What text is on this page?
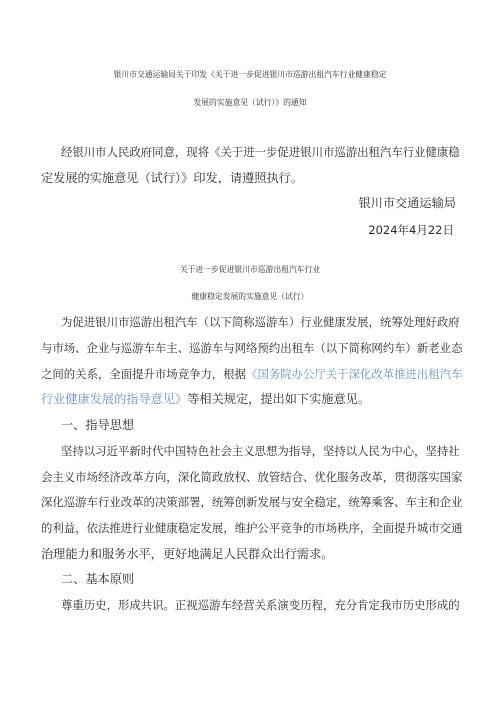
银川市交通运输局关于印发《关于进一步促进银川市巡游出租汽车行业健康稳定
发展的实施意见（试行）》的通知
经银川市人民政府同意，现将《关于进一步促进银川市巡游出租汽车行业健康稳
定发展的实施意见（试行）》印发，请遵照执行。
银川市交通运输局
2024年4月22日
关于进一步促进银川市巡游出租汽车行业
健康稳定发展的实施意见（试行）
为促进银川市巡游出租汽车（以下简称巡游车）行业健康发展，统筹处理好政府
与市场、企业与巡游车车主、巡游车与网络预约出租车（以下简称网约车）新老业态
之间的关系，全面提升市场竞争力，根据《国务院办公厅关于深化改革推进出租汽车
行业健康发展的指导意见》等相关规定，提出如下实施意见。
一、指导思想
坚持以习近平新时代中国特色社会主义思想为指导，坚持以人民为中心，坚持社
会主义市场经济改革方向，深化简政放权、放管结合、优化服务改革，贯彻落实国家
深化巡游车行业改革的决策部署，统筹创新发展与安全稳定，统筹乘客、车主和企业
的利益，依法推进行业健康稳定发展，维护公平竞争的市场秩序，全面提升城市交通
治理能力和服务水平，更好地满足人民群众出行需求。
二、基本原则
尊重历史，形成共识。正视巡游车经营关系演变历程，充分肯定我市历史形成的
